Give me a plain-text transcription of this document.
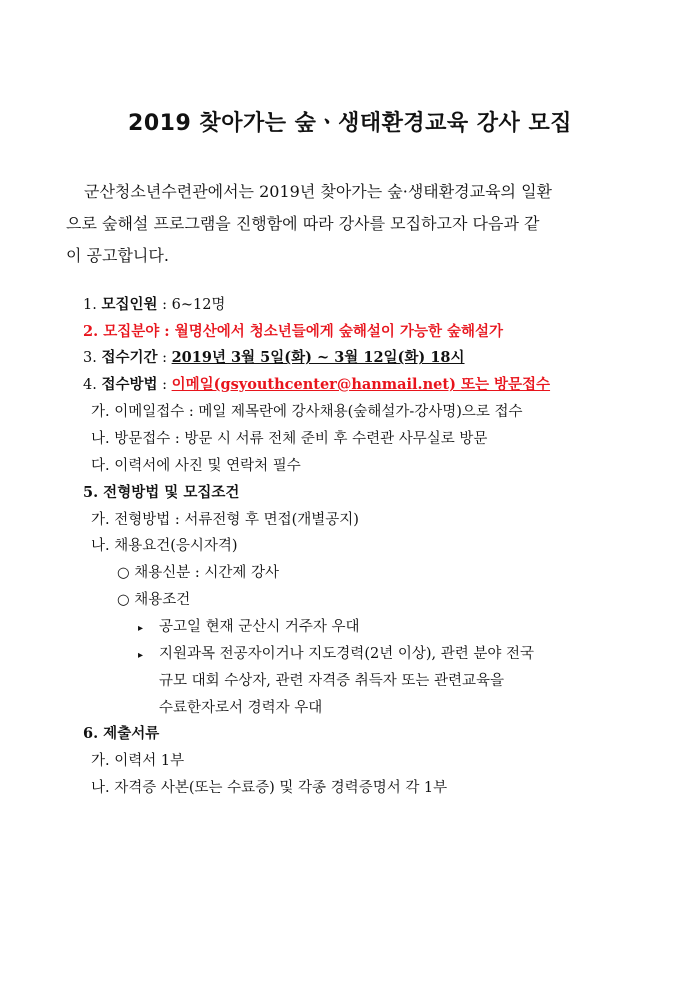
2019 찾아가는 숲ㆍ생태환경교육 강사 모집

군산청소년수련관에서는 2019년 찾아가는 숲·생태환경교육의 일환

으로 숲해설 프로그램을 진행함에 따라 강사를 모집하고자 다음과 같

이 공고합니다.

1. 모집인원 : 6~12명
2. 모집분야 : 월명산에서 청소년들에게 숲해설이 가능한 숲해설가
3. 접수기간 : 2019년 3월 5일(화) ~ 3월 12일(화) 18시
4. 접수방법 : 이메일(gsyouthcenter@hanmail.net) 또는 방문접수
가. 이메일접수 : 메일 제목란에 강사채용(숲해설가-강사명)으로 접수
나. 방문접수 : 방문 시 서류 전체 준비 후 수련관 사무실로 방문
다. 이력서에 사진 및 연락처 필수
5. 전형방법 및 모집조건
가. 전형방법 : 서류전형 후 면접(개별공지)
나. 채용요건(응시자격)
○ 채용신분 : 시간제 강사
○ 채용조건
▸ 공고일 현재 군산시 거주자 우대
▸ 지원과목 전공자이거나 지도경력(2년 이상), 관련 분야 전국
규모 대회 수상자, 관련 자격증 취득자 또는 관련교육을
수료한자로서 경력자 우대
6. 제출서류
가. 이력서 1부
나. 자격증 사본(또는 수료증) 및 각종 경력증명서 각 1부
